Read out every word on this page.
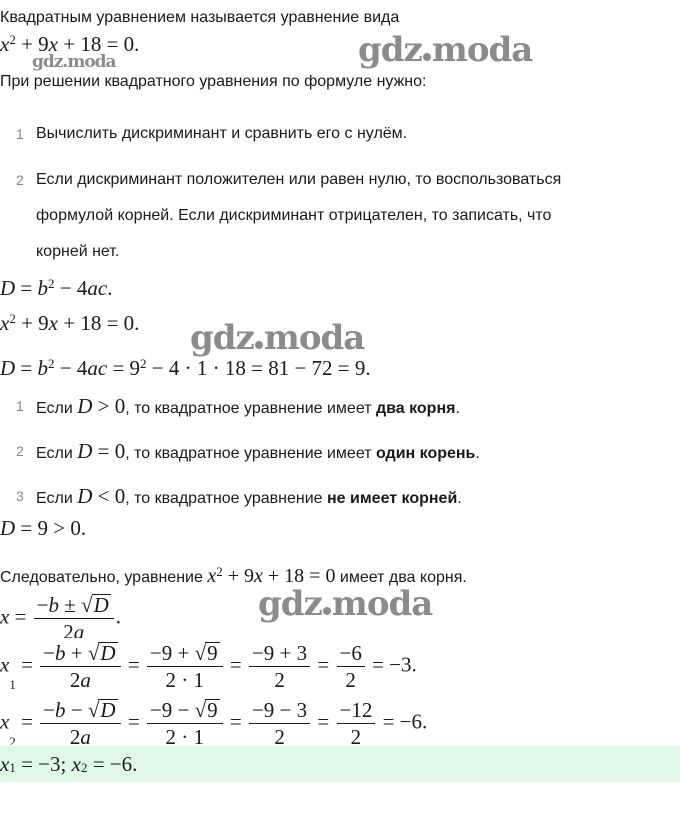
gdz.moda	gdz moda
gdz moda
gdz moda
Квадратным уравнением называется уравнение вида
$x^2 + 9x + 18 = 0$.
При решении квадратного уравнения по формуле нужно:
1 Вычислить дискриминант и сравнить его с нулём.
2 Если дискриминант положителен или равен нулю, то воспользоваться
формулой корней. Если дискриминант отрицателен, то записать, что
корней нет.
$D = b^2 - 4ac$.
$x^2 + 9x + 18 = 0$.
$D = b^2 - 4ac = 9^2 - 4 \cdot 1 \cdot 18 = 81 - 72 = 9$.
1 Если D > 0, то квадратное уравнение имеет два корня.
2 Если D = 0, то квадратное уравнение имеет один корень.
3 Если D < 0, то квадратное уравнение не имеет корней.
D = 9 > 0.
Следовательно, уравнение $x^2 + 9x + 18 = 0$ имеет два корня.
$x = \frac{-b \pm √D}{2a}$ .
$x_1 = \frac{-b + √D}{2a} = \frac{-9 + √9}{2 \cdot 1} = \frac{-9 + 3}{2} = \frac{-6}{2} = -3$.
$x_2 = \frac{-b - √D}{2a} = \frac{-9 - √9}{2 \cdot 1} = \frac{-9 - 3}{2} = \frac{-12}{2} = -6$.
$x_1 = -3$; $x_2 = -6$.
